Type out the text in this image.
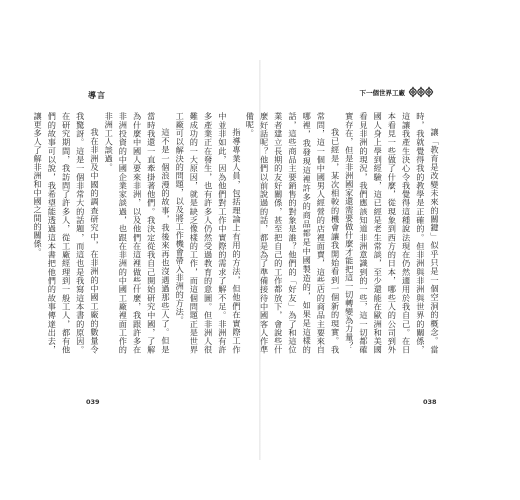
導言	下一個世界工廠

讓「教育是改變未來的關鍵」似乎只是一個空洞的概念。當時，我就覺得我的教學是正確的。但非洲與非洲與世界的關係，這讓我產生決心令我覺得這種說法現在仍然適用於我自己。在日本看見一些做了什麼，從現象到西方的日本，哪些人的公司到外國人身上學到經驗，這已經是老生常談，至少還能在歐洲和美國看見非洲的現況，我們應該知道非洲意識到的一些，這一切都確實存在，但是非洲國家還需要做什麼才能把這一切轉變為力量？

我已經是，某次相較的機會讓我開始看到一個新的現實。我常問，這一個中國男人經營的店裡面賣，這些店的商品主要來自哪裡，我發現這裡許多的商品都是中國製造的，如果是這樣的話，這些商品主要銷售的對象是誰？他們的「好友」為了和這位業者建立長期的友好關係，甚至把自己的工作都放下，會說些什麼好話呢？他們以前說過的話，都是為了準備接待中國客人作準備呢。

指導專業人員，包括理論上有用的方法，但他們在實際工作中並非如此，因為他們對工作中實際的需求了解不足。非洲有許多產業正在發生，也有許多人仍然受過教育的意圖。但非洲人很難成功的一大原因，就是缺乏像樣的工作，而這個問題正是世界工廠可以解決的問題，以及將工作機會帶入非洲的方法。

這不是一個浪漫的故事，我後來再也沒遇過那些人了。但是當時我還一直牽掛著他們。我決定從我自己開始研究中國，了解為什麼中國人要來非洲，以及他們在這裡做些什麼，我跟許多在非洲投資的中國企業家談過，也跟在非洲的中國工廠裡面工作的非洲工人談過。

我在非洲及中國的調查研究中，在非洲的中國工廠的數量令我驚訝。這是一個非常大的話題，而這也是我寫這本書的原因。在研究期間，我訪問了許多人，從工廠經理到一般工人，都有他們的故事可以說，我希望能透過這本書把他們的故事傳達出去，讓更多人了解非洲和中國之間的關係。

039	038
